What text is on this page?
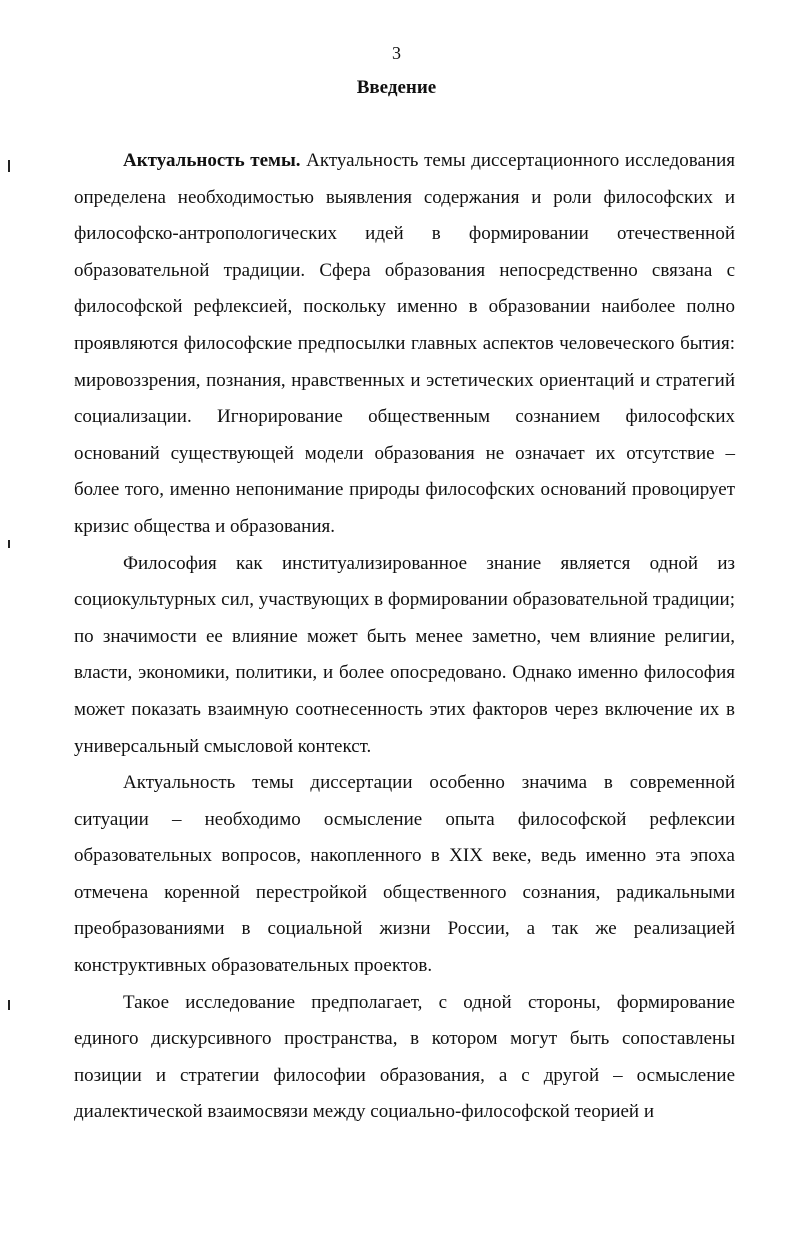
3
Введение

Актуальность темы. Актуальность темы диссертационного исследования определена необходимостью выявления содержания и роли философских и философско-антропологических идей в формировании отечественной образовательной традиции. Сфера образования непосредственно связана с философской рефлексией, поскольку именно в образовании наиболее полно проявляются философские предпосылки главных аспектов человеческого бытия: мировоззрения, познания, нравственных и эстетических ориентаций и стратегий социализации. Игнорирование общественным сознанием философских оснований существующей модели образования не означает их отсутствие – более того, именно непонимание природы философских оснований провоцирует кризис общества и образования.

Философия как институализированное знание является одной из социокультурных сил, участвующих в формировании образовательной традиции; по значимости ее влияние может быть менее заметно, чем влияние религии, власти, экономики, политики, и более опосредовано. Однако именно философия может показать взаимную соотнесенность этих факторов через включение их в универсальный смысловой контекст.

Актуальность темы диссертации особенно значима в современной ситуации – необходимо осмысление опыта философской рефлексии образовательных вопросов, накопленного в XIX веке, ведь именно эта эпоха отмечена коренной перестройкой общественного сознания, радикальными преобразованиями в социальной жизни России, а так же реализацией конструктивных образовательных проектов.

Такое исследование предполагает, с одной стороны, формирование единого дискурсивного пространства, в котором могут быть сопоставлены позиции и стратегии философии образования, а с другой – осмысление диалектической взаимосвязи между социально-философской теорией и
